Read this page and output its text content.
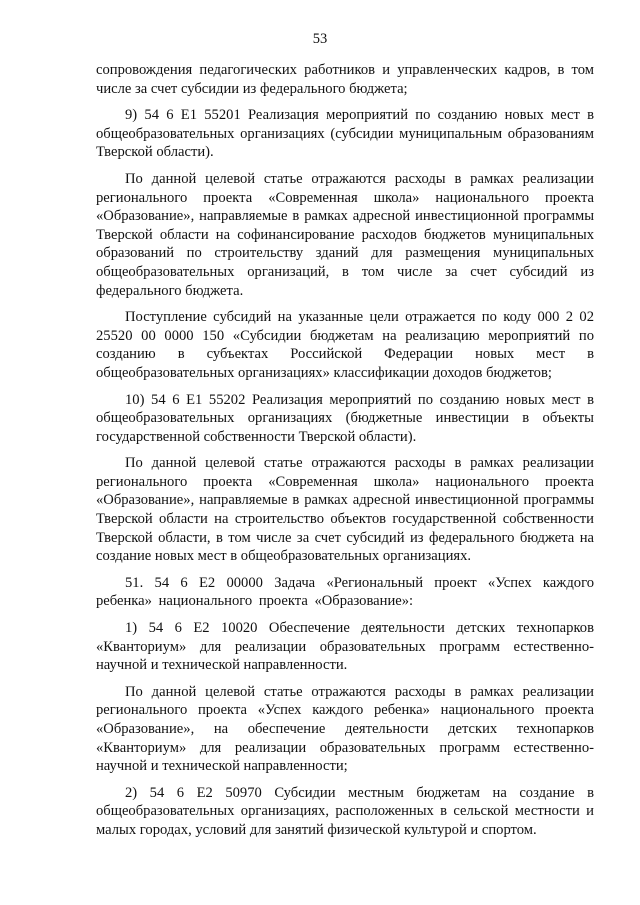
53

сопровождения педагогических работников и управленческих кадров, в том числе за счет субсидии из федерального бюджета;

9) 54 6 E1 55201 Реализация мероприятий по созданию новых мест в общеобразовательных организациях (субсидии муниципальным образованиям Тверской области).

По данной целевой статье отражаются расходы в рамках реализации регионального проекта «Современная школа» национального проекта «Образование», направляемые в рамках адресной инвестиционной программы Тверской области на софинансирование расходов бюджетов муниципальных образований по строительству зданий для размещения муниципальных общеобразовательных организаций, в том числе за счет субсидий из федерального бюджета.

Поступление субсидий на указанные цели отражается по коду 000 2 02 25520 00 0000 150 «Субсидии бюджетам на реализацию мероприятий по созданию в субъектах Российской Федерации новых мест в общеобразовательных организациях» классификации доходов бюджетов;

10) 54 6 E1 55202 Реализация мероприятий по созданию новых мест в общеобразовательных организациях (бюджетные инвестиции в объекты государственной собственности Тверской области).

По данной целевой статье отражаются расходы в рамках реализации регионального проекта «Современная школа» национального проекта «Образование», направляемые в рамках адресной инвестиционной программы Тверской области на строительство объектов государственной собственности Тверской области, в том числе за счет субсидий из федерального бюджета на создание новых мест в общеобразовательных организациях.

51. 54 6 E2 00000 Задача «Региональный проект «Успех каждого ребенка» национального проекта «Образование»:

1) 54 6 E2 10020 Обеспечение деятельности детских технопарков «Кванториум» для реализации образовательных программ естественно-научной и технической направленности.

По данной целевой статье отражаются расходы в рамках реализации регионального проекта «Успех каждого ребенка» национального проекта «Образование», на обеспечение деятельности детских технопарков «Кванториум» для реализации образовательных программ естественно-научной и технической направленности;

2) 54 6 E2 50970 Субсидии местным бюджетам на создание в общеобразовательных организациях, расположенных в сельской местности и малых городах, условий для занятий физической культурой и спортом.
